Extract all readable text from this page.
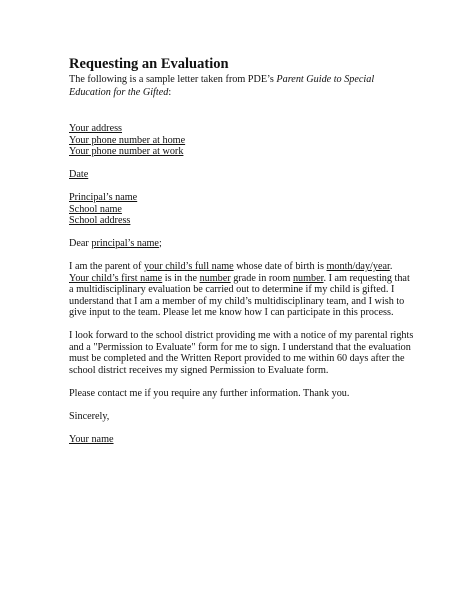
Requesting an Evaluation

The following is a sample letter taken from PDE’s Parent Guide to Special Education for the Gifted:

Your address
Your phone number at home
Your phone number at work
Date
Principal’s name
School name
School address

Dear principal’s name;

I am the parent of your child’s full name whose date of birth is month/day/year. Your child’s first name is in the number grade in room number. I am requesting that a multidisciplinary evaluation be carried out to determine if my child is gifted. I understand that I am a member of my child’s multidisciplinary team, and I wish to give input to the team. Please let me know how I can participate in this process.

I look forward to the school district providing me with a notice of my parental rights and a "Permission to Evaluate" form for me to sign. I understand that the evaluation must be completed and the Written Report provided to me within 60 days after the school district receives my signed Permission to Evaluate form.

Please contact me if you require any further information. Thank you.

Sincerely,

Your name
